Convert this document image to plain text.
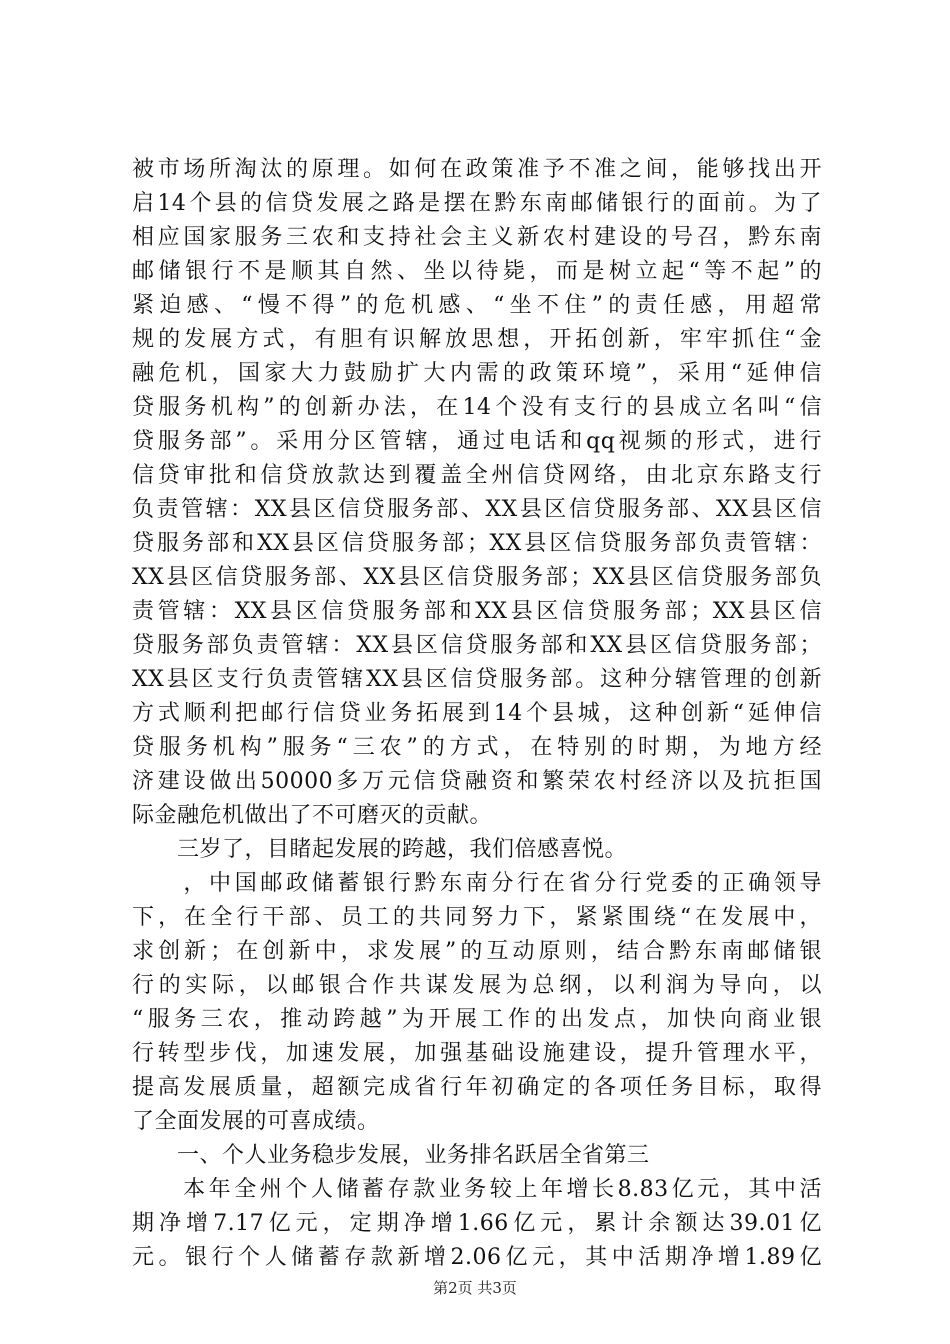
被市场所淘汰的原理。如何在政策准予不准之间，能够找出开
启14个县的信贷发展之路是摆在黔东南邮储银行的面前。为了
相应国家服务三农和支持社会主义新农村建设的号召，黔东南
邮储银行不是顺其自然、坐以待毙，而是树立起“等不起”的
紧迫感、“慢不得”的危机感、“坐不住”的责任感，用超常
规的发展方式，有胆有识解放思想，开拓创新，牢牢抓住“金
融危机，国家大力鼓励扩大内需的政策环境”，采用“延伸信
贷服务机构”的创新办法，在14个没有支行的县成立名叫“信
贷服务部”。采用分区管辖，通过电话和qq视频的形式，进行
信贷审批和信贷放款达到覆盖全州信贷网络，由北京东路支行
负责管辖：XX县区信贷服务部、XX县区信贷服务部、XX县区信
贷服务部和XX县区信贷服务部；XX县区信贷服务部负责管辖：
XX县区信贷服务部、XX县区信贷服务部；XX县区信贷服务部负
责管辖：XX县区信贷服务部和XX县区信贷服务部；XX县区信
贷服务部负责管辖：XX县区信贷服务部和XX县区信贷服务部；
XX县区支行负责管辖XX县区信贷服务部。这种分辖管理的创新
方式顺利把邮行信贷业务拓展到14个县城，这种创新“延伸信
贷服务机构”服务“三农”的方式，在特别的时期，为地方经
济建设做出50000多万元信贷融资和繁荣农村经济以及抗拒国
际金融危机做出了不可磨灭的贡献。
　　三岁了，目睹起发展的跨越，我们倍感喜悦。
　　，中国邮政储蓄银行黔东南分行在省分行党委的正确领导
下，在全行干部、员工的共同努力下，紧紧围绕“在发展中，
求创新；在创新中，求发展”的互动原则，结合黔东南邮储银
行的实际，以邮银合作共谋发展为总纲，以利润为导向，以
“服务三农，推动跨越”为开展工作的出发点，加快向商业银
行转型步伐，加速发展，加强基础设施建设，提升管理水平，
提高发展质量，超额完成省行年初确定的各项任务目标，取得
了全面发展的可喜成绩。
　　一、个人业务稳步发展，业务排名跃居全省第三
　　本年全州个人储蓄存款业务较上年增长8.83亿元，其中活
期净增7.17亿元，定期净增1.66亿元，累计余额达39.01亿
元。银行个人储蓄存款新增2.06亿元，其中活期净增1.89亿
第2页 共3页
